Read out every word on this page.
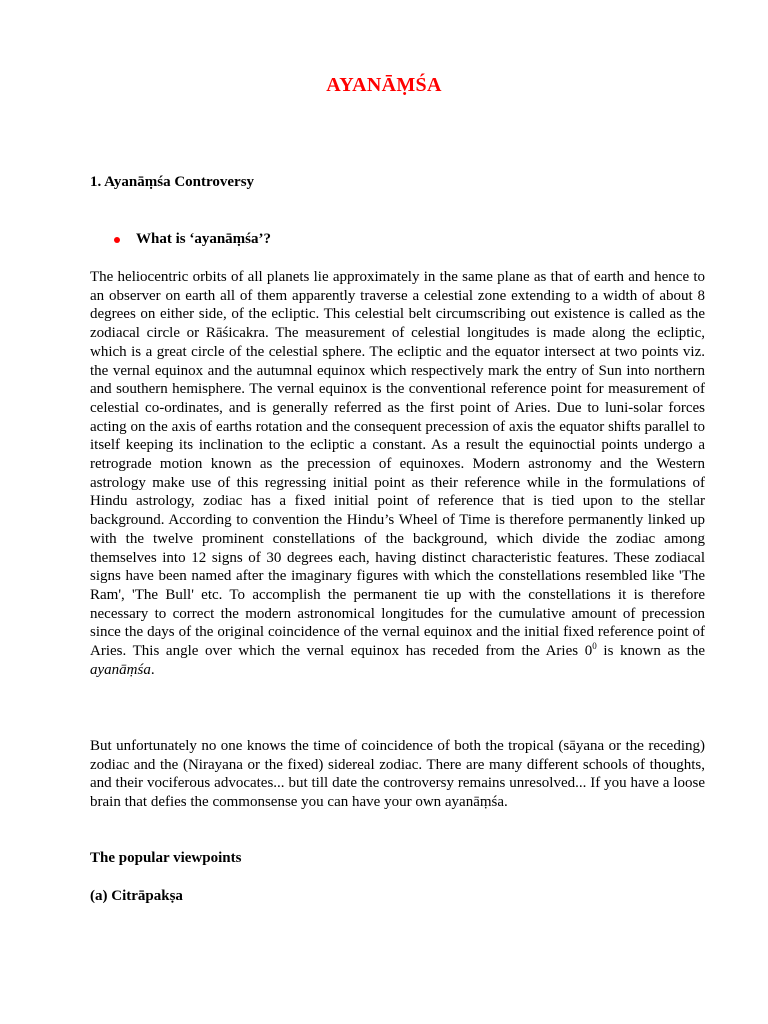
AYANĀṂŚA
1. Ayanāṃśa Controversy
What is ‘ayanāṃśa’?

The heliocentric orbits of all planets lie approximately in the same plane as that of earth and hence to an observer on earth all of them apparently traverse a celestial zone extending to a width of about 8 degrees on either side, of the ecliptic. This celestial belt circumscribing out existence is called as the zodiacal circle or Rāśicakra. The measurement of celestial longitudes is made along the ecliptic, which is a great circle of the celestial sphere. The ecliptic and the equator intersect at two points viz. the vernal equinox and the autumnal equinox which respectively mark the entry of Sun into northern and southern hemisphere. The vernal equinox is the conventional reference point for measurement of celestial co-ordinates, and is generally referred as the first point of Aries. Due to luni-solar forces acting on the axis of earths rotation and the consequent precession of axis the equator shifts parallel to itself keeping its inclination to the ecliptic a constant. As a result the equinoctial points undergo a retrograde motion known as the precession of equinoxes. Modern astronomy and the Western astrology make use of this regressing initial point as their reference while in the formulations of Hindu astrology, zodiac has a fixed initial point of reference that is tied upon to the stellar background. According to convention the Hindu’s Wheel of Time is therefore permanently linked up with the twelve prominent constellations of the background, which divide the zodiac among themselves into 12 signs of 30 degrees each, having distinct characteristic features. These zodiacal signs have been named after the imaginary figures with which the constellations resembled like 'The Ram', 'The Bull' etc. To accomplish the permanent tie up with the constellations it is therefore necessary to correct the modern astronomical longitudes for the cumulative amount of precession since the days of the original coincidence of the vernal equinox and the initial fixed reference point of Aries. This angle over which the vernal equinox has receded from the Aries $0^0$ is known as the ayanāṃśa.

But unfortunately no one knows the time of coincidence of both the tropical (sāyana or the receding) zodiac and the (Nirayana or the fixed) sidereal zodiac. There are many different schools of thoughts, and their vociferous advocates... but till date the controversy remains unresolved... If you have a loose brain that defies the commonsense you can have your own ayanāṃśa.

The popular viewpoints
(a) Citrāpakṣa
